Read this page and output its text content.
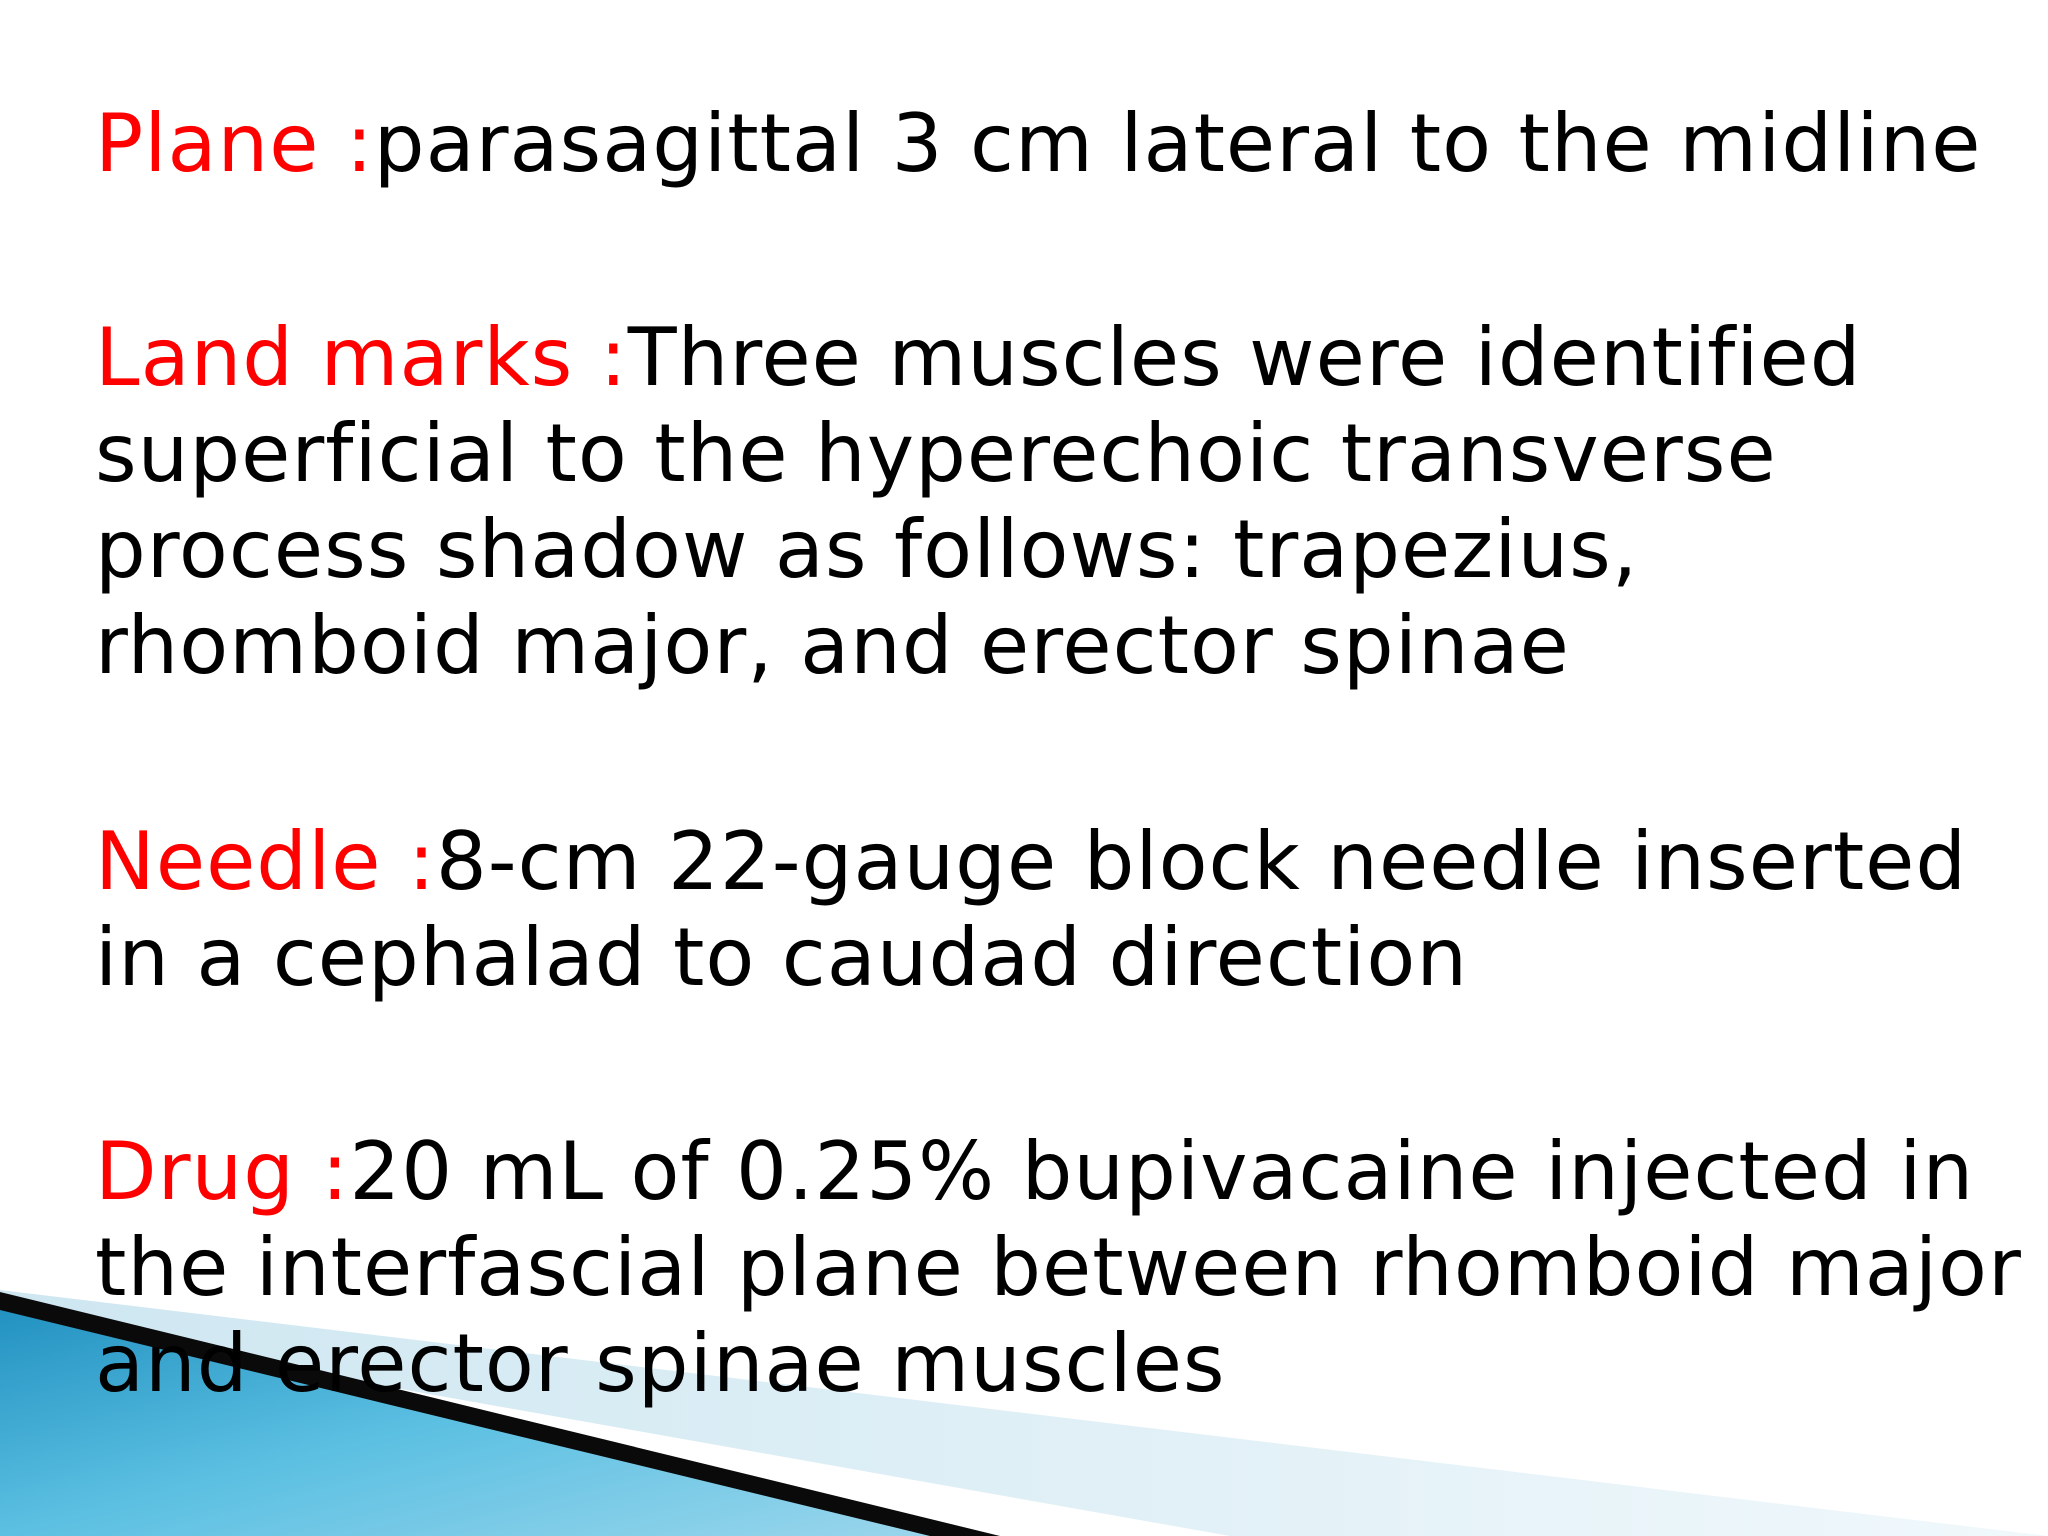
Plane :parasagittal 3 cm lateral to the midline

Land marks :Three muscles were identified
superficial to the hyperechoic transverse
process shadow as follows: trapezius,
rhomboid major, and erector spinae

Needle :8-cm 22-gauge block needle inserted
in a cephalad to caudad direction

Drug :20 mL of 0.25% bupivacaine injected in
the interfascial plane between rhomboid major
and erector spinae muscles
